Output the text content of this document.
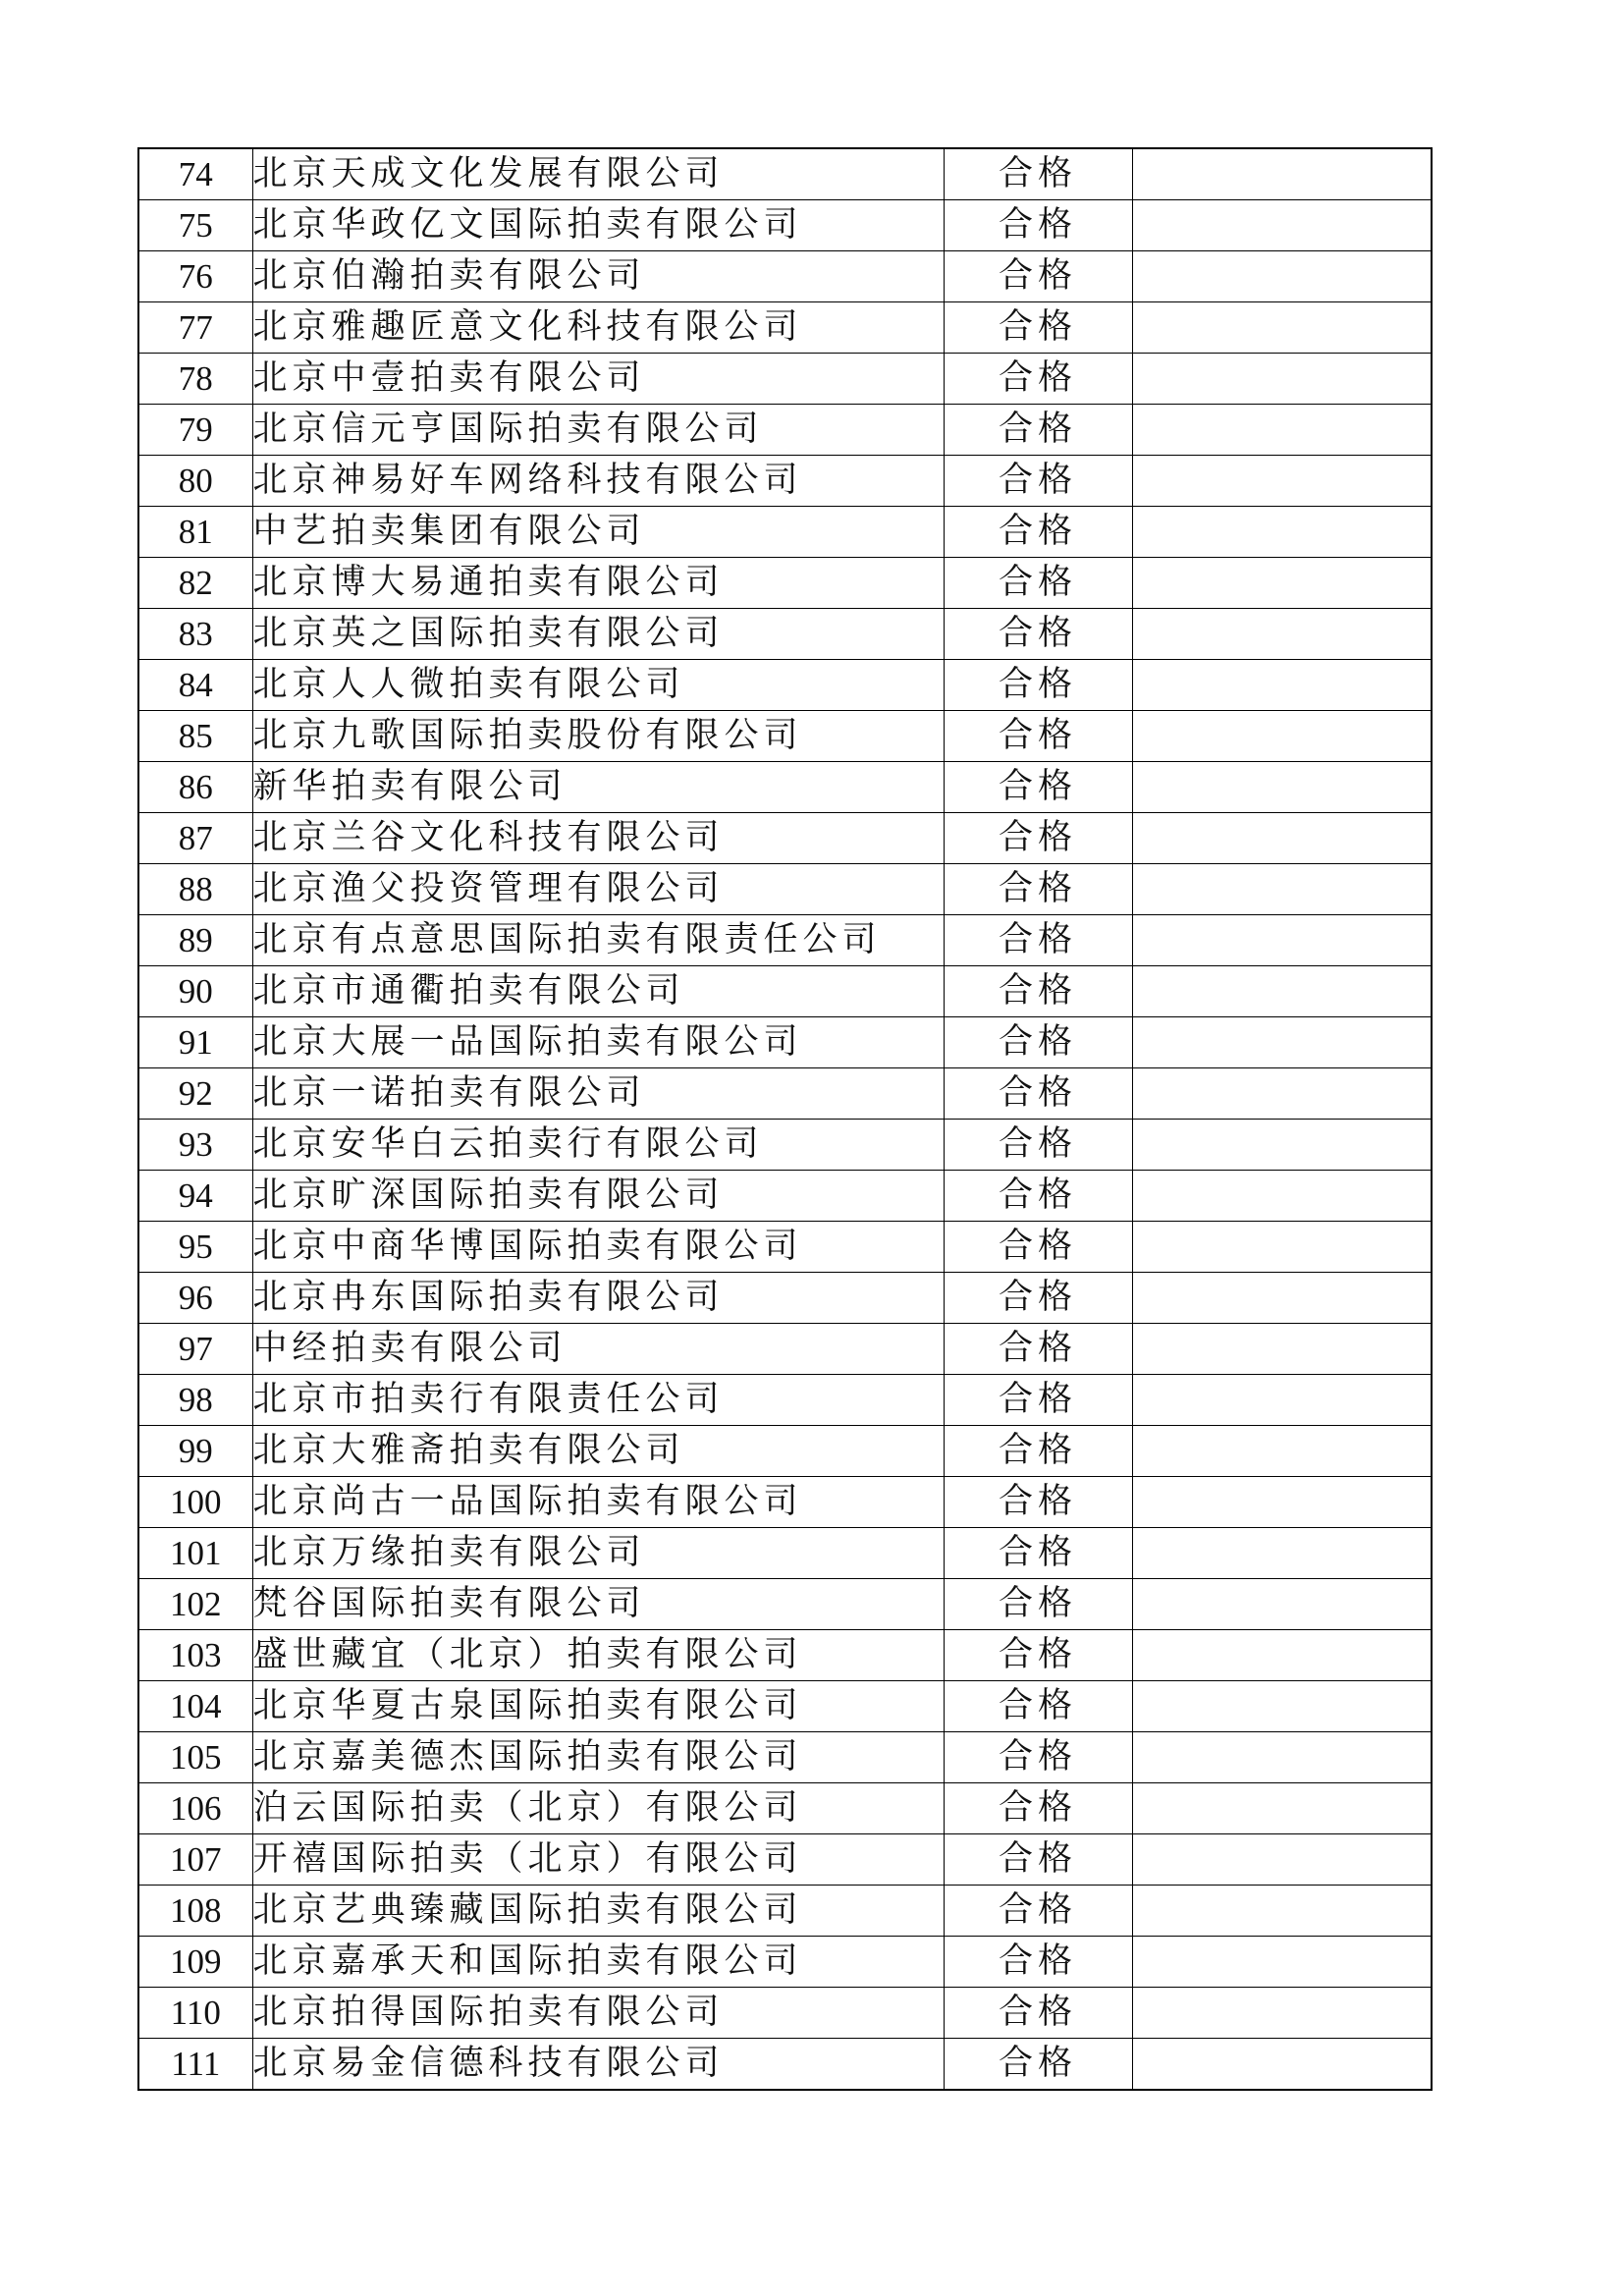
74	北京天成文化发展有限公司	合格	
75	北京华政亿文国际拍卖有限公司	合格	
76	北京伯瀚拍卖有限公司	合格	
77	北京雅趣匠意文化科技有限公司	合格	
78	北京中壹拍卖有限公司	合格	
79	北京信元亨国际拍卖有限公司	合格	
80	北京神易好车网络科技有限公司	合格	
81	中艺拍卖集团有限公司	合格	
82	北京博大易通拍卖有限公司	合格	
83	北京英之国际拍卖有限公司	合格	
84	北京人人微拍卖有限公司	合格	
85	北京九歌国际拍卖股份有限公司	合格	
86	新华拍卖有限公司	合格	
87	北京兰谷文化科技有限公司	合格	
88	北京渔父投资管理有限公司	合格	
89	北京有点意思国际拍卖有限责任公司	合格	
90	北京市通衢拍卖有限公司	合格	
91	北京大展一品国际拍卖有限公司	合格	
92	北京一诺拍卖有限公司	合格	
93	北京安华白云拍卖行有限公司	合格	
94	北京旷深国际拍卖有限公司	合格	
95	北京中商华博国际拍卖有限公司	合格	
96	北京冉东国际拍卖有限公司	合格	
97	中经拍卖有限公司	合格	
98	北京市拍卖行有限责任公司	合格	
99	北京大雅斋拍卖有限公司	合格	
100	北京尚古一品国际拍卖有限公司	合格	
101	北京万缘拍卖有限公司	合格	
102	梵谷国际拍卖有限公司	合格	
103	盛世藏宜（北京）拍卖有限公司	合格	
104	北京华夏古泉国际拍卖有限公司	合格	
105	北京嘉美德杰国际拍卖有限公司	合格	
106	泊云国际拍卖（北京）有限公司	合格	
107	开禧国际拍卖（北京）有限公司	合格	
108	北京艺典臻藏国际拍卖有限公司	合格	
109	北京嘉承天和国际拍卖有限公司	合格	
110	北京拍得国际拍卖有限公司	合格	
111	北京易金信德科技有限公司	合格	
